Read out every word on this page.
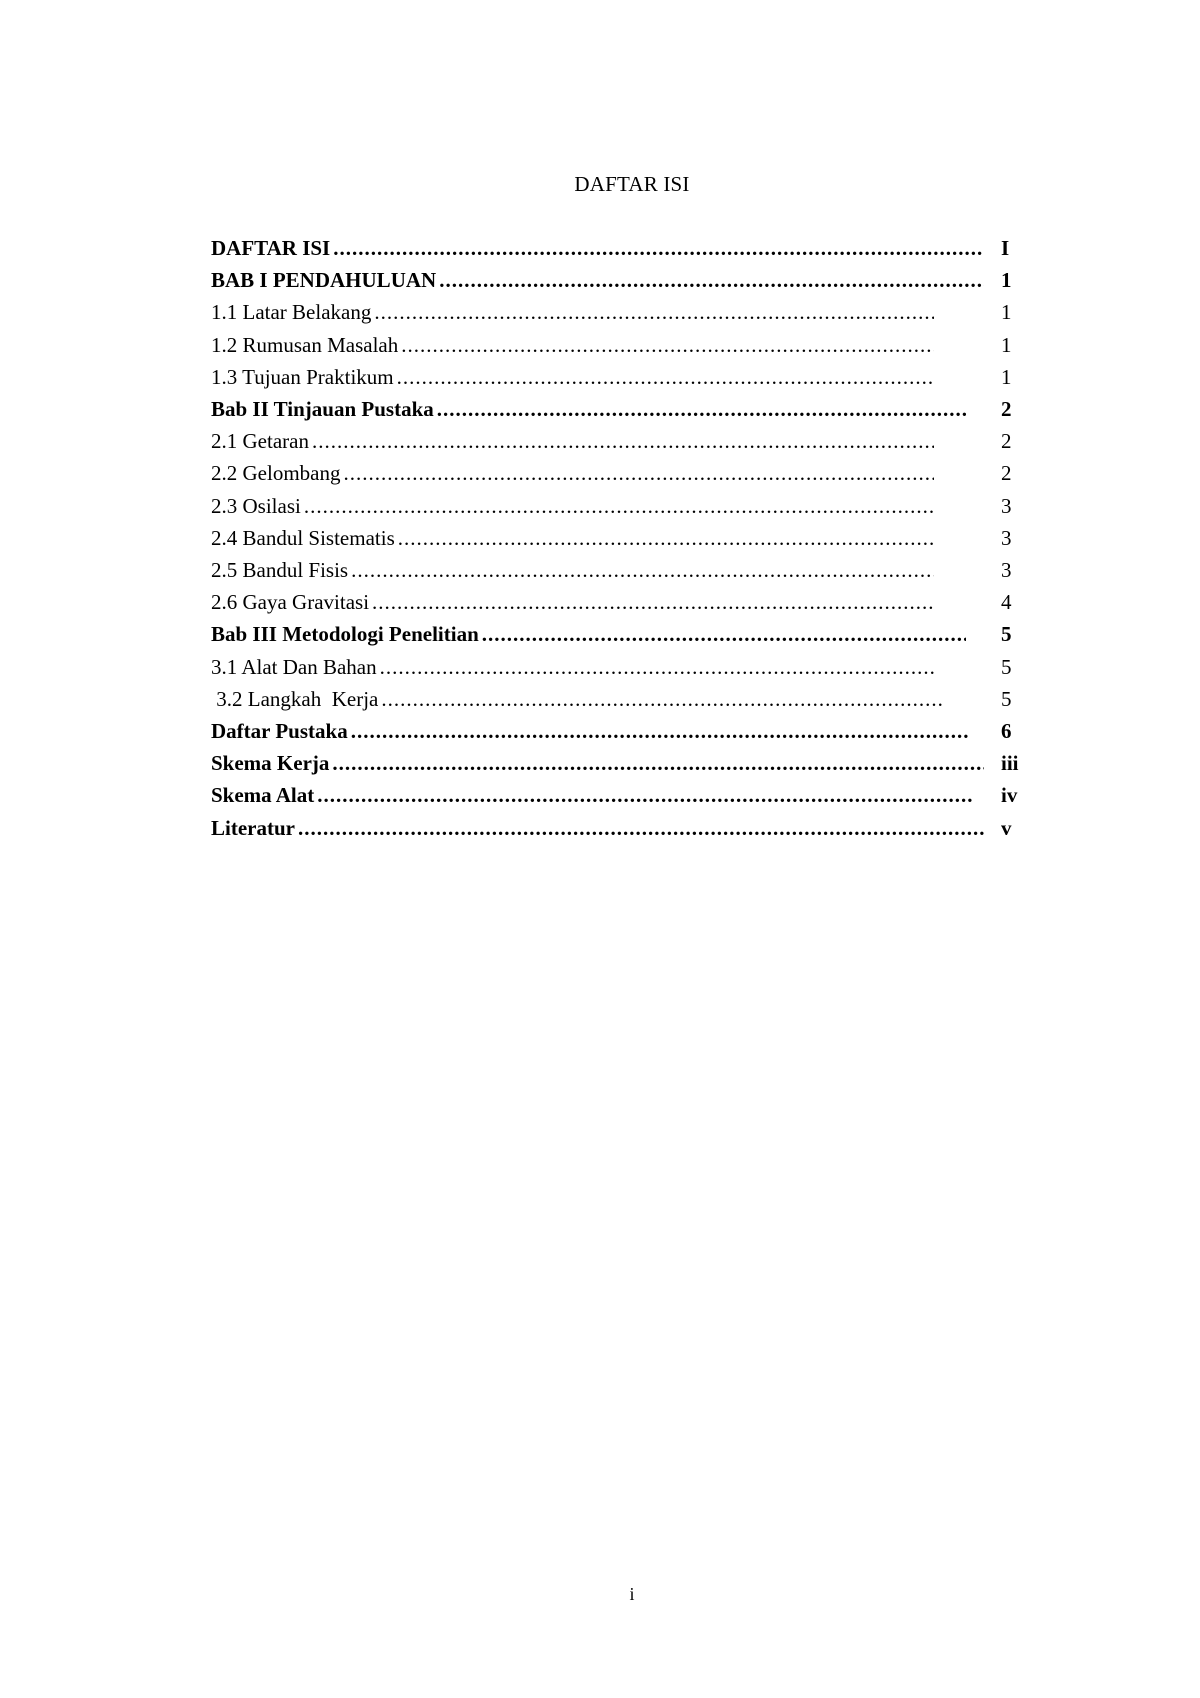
DAFTAR ISI
DAFTAR ISI .....	I
BAB I PENDAHULUAN .....	1
1.1 Latar Belakang .....	1
1.2 Rumusan Masalah .....	1
1.3 Tujuan Praktikum .....	1
Bab II Tinjauan Pustaka .....	2
2.1 Getaran .....	2
2.2 Gelombang .....	2
2.3 Osilasi .....	3
2.4 Bandul Sistematis .....	3
2.5 Bandul Fisis .....	3
2.6 Gaya Gravitasi .....	4
Bab III Metodologi Penelitian .....	5
3.1 Alat Dan Bahan .....	5
3.2 Langkah  Kerja .....	5
Daftar Pustaka .....	6
Skema Kerja .....	iii
Skema Alat .....	iv
Literatur .....	v
i
